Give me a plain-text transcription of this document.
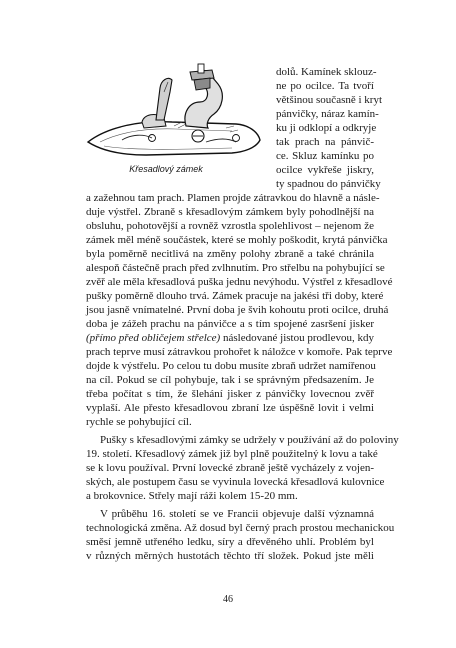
Křesadlový zámek
dolů. Kamínek sklouz-
ne po ocilce. Ta tvoří
většinou současně i kryt
pánvičky, náraz kamín-
ku ji odklopí a odkryje
tak prach na pánvič-
ce. Skluz kamínku po
ocilce vykřeše jiskry,
ty spadnou do pánvičky
a zažehnou tam prach. Plamen projde zátravkou do hlavně a násle-
duje výstřel. Zbraně s křesadlovým zámkem byly pohodlnější na
obsluhu, pohotovější a rovněž vzrostla spolehlivost – nejenom že
zámek měl méně součástek, které se mohly poškodit, krytá pánvička
byla poměrně necitlivá na změny polohy zbraně a také chránila
alespoň částečně prach před zvlhnutím. Pro střelbu na pohybující se
zvěř ale měla křesadlová puška jednu nevýhodu. Výstřel z křesadlové
pušky poměrně dlouho trvá. Zámek pracuje na jakési tři doby, které
jsou jasně vnímatelné. První doba je švih kohoutu proti ocilce, druhá
doba je zážeh prachu na pánvičce a s tím spojené zasršení jisker
(přímo před obličejem střelce) následované jistou prodlevou, kdy
prach teprve musí zátravkou prohořet k náložce v komoře. Pak teprve
dojde k výstřelu. Po celou tu dobu musíte zbraň udržet namířenou
na cíl. Pokud se cíl pohybuje, tak i se správným předsazením. Je
třeba počítat s tím, že šlehání jisker z pánvičky lovecnou zvěř
vyplaší. Ale přesto křesadlovou zbraní lze úspěšně lovit i velmi
rychle se pohybující cíl.
Pušky s křesadlovými zámky se udržely v používání až do poloviny
19. století. Křesadlový zámek již byl plně použitelný k lovu a také
se k lovu používal. První lovecké zbraně ještě vycházely z vojen-
ských, ale postupem času se vyvinula lovecká křesadlová kulovnice
a brokovnice. Střely mají ráži kolem 15-20 mm.
V průběhu 16. století se ve Francii objevuje další významná
technologická změna. Až dosud byl černý prach prostou mechanickou
směsí jemně utřeného ledku, síry a dřevěného uhlí. Problém byl
v různých měrných hustotách těchto tří složek. Pokud jste měli
46
